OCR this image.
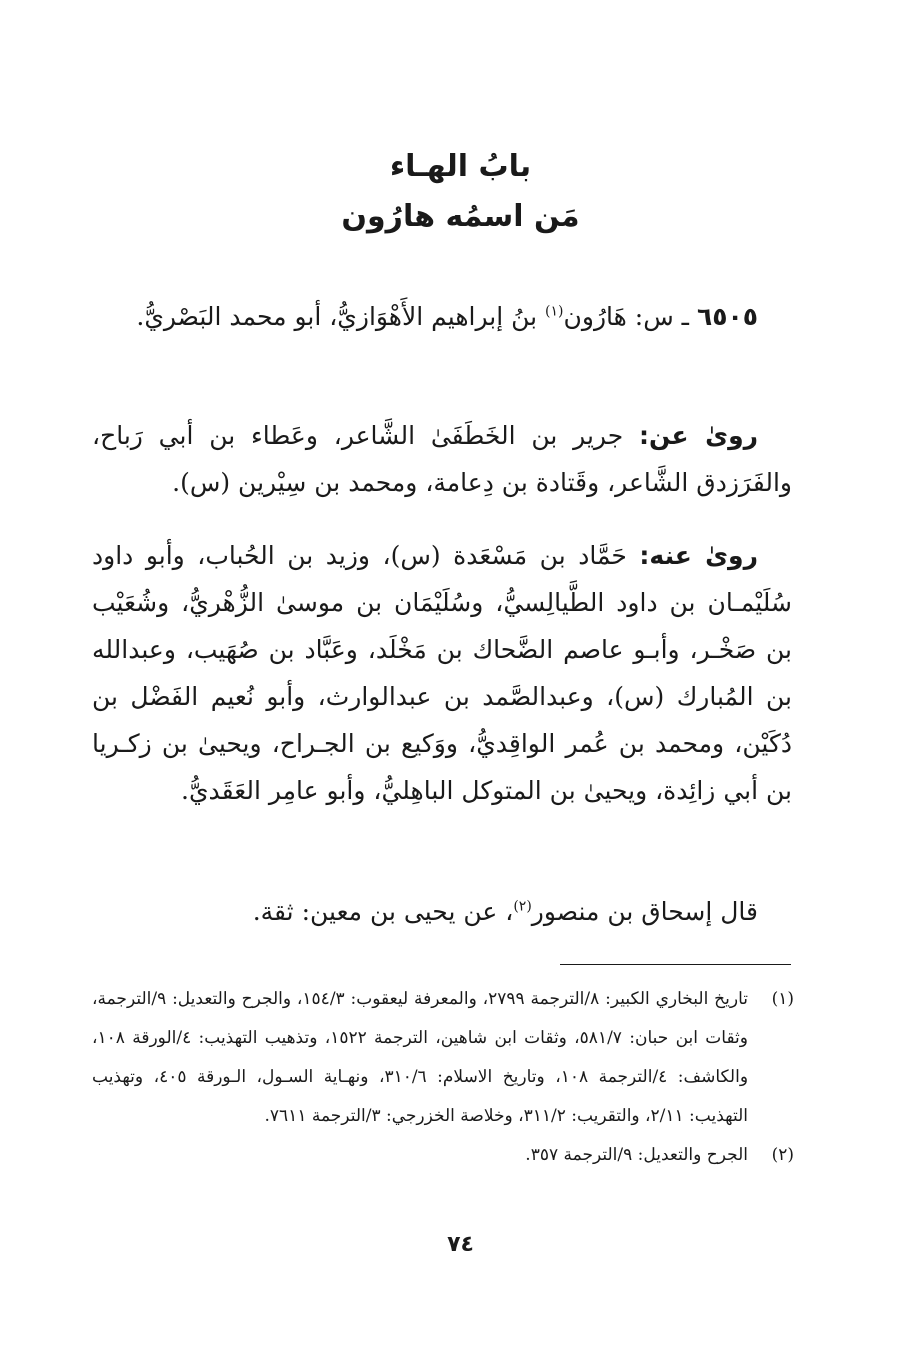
بابُ الهـاء
مَن اسمُه هارُون
٦٥٠٥ ـ س: هَارُون$^{(١)}$ بنُ إبراهيم الأَهْوَازيُّ، أبو محمد البَصْريُّ.
روىٰ عن: جرير بن الخَطَفَىٰ الشَّاعر، وعَطاء بن أبي رَباح، والفَرَزدق الشَّاعر، وقَتادة بن دِعامة، ومحمد بن سِيْرين (س).
روىٰ عنه: حَمَّاد بن مَسْعَدة (س)، وزيد بن الحُباب، وأبو داود سُلَيْمـان بن داود الطَّيالِسيُّ، وسُلَيْمَان بن موسىٰ الزُّهْريُّ، وشُعَيْب بن صَخْـر، وأبـو عاصم الضَّحاك بن مَخْلَد، وعَبَّاد بن صُهَيب، وعبدالله بن المُبارك (س)، وعبدالصَّمد بن عبدالوارث، وأبو نُعيم الفَضْل بن دُكَيْن، ومحمد بن عُمر الواقِديُّ، ووَكيع بن الجـراح، ويحيىٰ بن زكـريا بن أبي زائِدة، ويحيىٰ بن المتوكل الباهِليُّ، وأبو عامِر العَقَديُّ.
قال إسحاق بن منصور$^{(٢)}$، عن يحيى بن معين: ثقة.
(١)
تاريخ البخاري الكبير: ٨/الترجمة ٢٧٩٩، والمعرفة ليعقوب: ١٥٤/٣، والجرح والتعديل: ٩/الترجمة، وثقات ابن حبان: ٥٨١/٧، وثقات ابن شاهين، الترجمة ١٥٢٢، وتذهيب التهذيب: ٤/الورقة ١٠٨، والكاشف: ٤/الترجمة ١٠٨، وتاريخ الاسلام: ٣١٠/٦، ونهـاية السـول، الـورقة ٤٠٥، وتهذيب التهذيب: ٢/١١، والتقريب: ٣١١/٢، وخلاصة الخزرجي: ٣/الترجمة ٧٦١١.
(٢)
الجرح والتعديل: ٩/الترجمة ٣٥٧.
٧٤
